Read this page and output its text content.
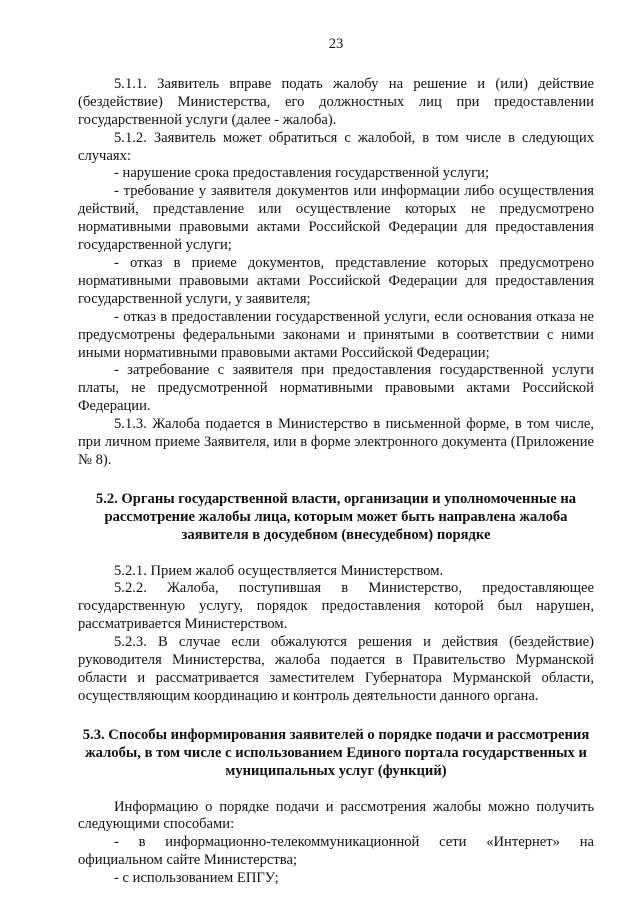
23

5.1.1. Заявитель вправе подать жалобу на решение и (или) действие (бездействие) Министерства, его должностных лиц при предоставлении государственной услуги (далее - жалоба).

5.1.2. Заявитель может обратиться с жалобой, в том числе в следующих случаях:

- нарушение срока предоставления государственной услуги;

- требование у заявителя документов или информации либо осуществления действий, представление или осуществление которых не предусмотрено нормативными правовыми актами Российской Федерации для предоставления государственной услуги;

- отказ в приеме документов, представление которых предусмотрено нормативными правовыми актами Российской Федерации для предоставления государственной услуги, у заявителя;

- отказ в предоставлении государственной услуги, если основания отказа не предусмотрены федеральными законами и принятыми в соответствии с ними иными нормативными правовыми актами Российской Федерации;

- затребование с заявителя при предоставления государственной услуги платы, не предусмотренной нормативными правовыми актами Российской Федерации.

5.1.3. Жалоба подается в Министерство в письменной форме, в том числе, при личном приеме Заявителя, или в форме электронного документа (Приложение № 8).

5.2. Органы государственной власти, организации и уполномоченные на рассмотрение жалобы лица, которым может быть направлена жалоба заявителя в досудебном (внесудебном) порядке

5.2.1. Прием жалоб осуществляется Министерством.

5.2.2. Жалоба, поступившая в Министерство, предоставляющее государственную услугу, порядок предоставления которой был нарушен, рассматривается Министерством.

5.2.3. В случае если обжалуются решения и действия (бездействие) руководителя Министерства, жалоба подается в Правительство Мурманской области и рассматривается заместителем Губернатора Мурманской области, осуществляющим координацию и контроль деятельности данного органа.

5.3. Способы информирования заявителей о порядке подачи и рассмотрения жалобы, в том числе с использованием Единого портала государственных и муниципальных услуг (функций)

Информацию о порядке подачи и рассмотрения жалобы можно получить следующими способами:

- в информационно-телекоммуникационной сети «Интернет» на официальном сайте Министерства;

- с использованием ЕПГУ;
